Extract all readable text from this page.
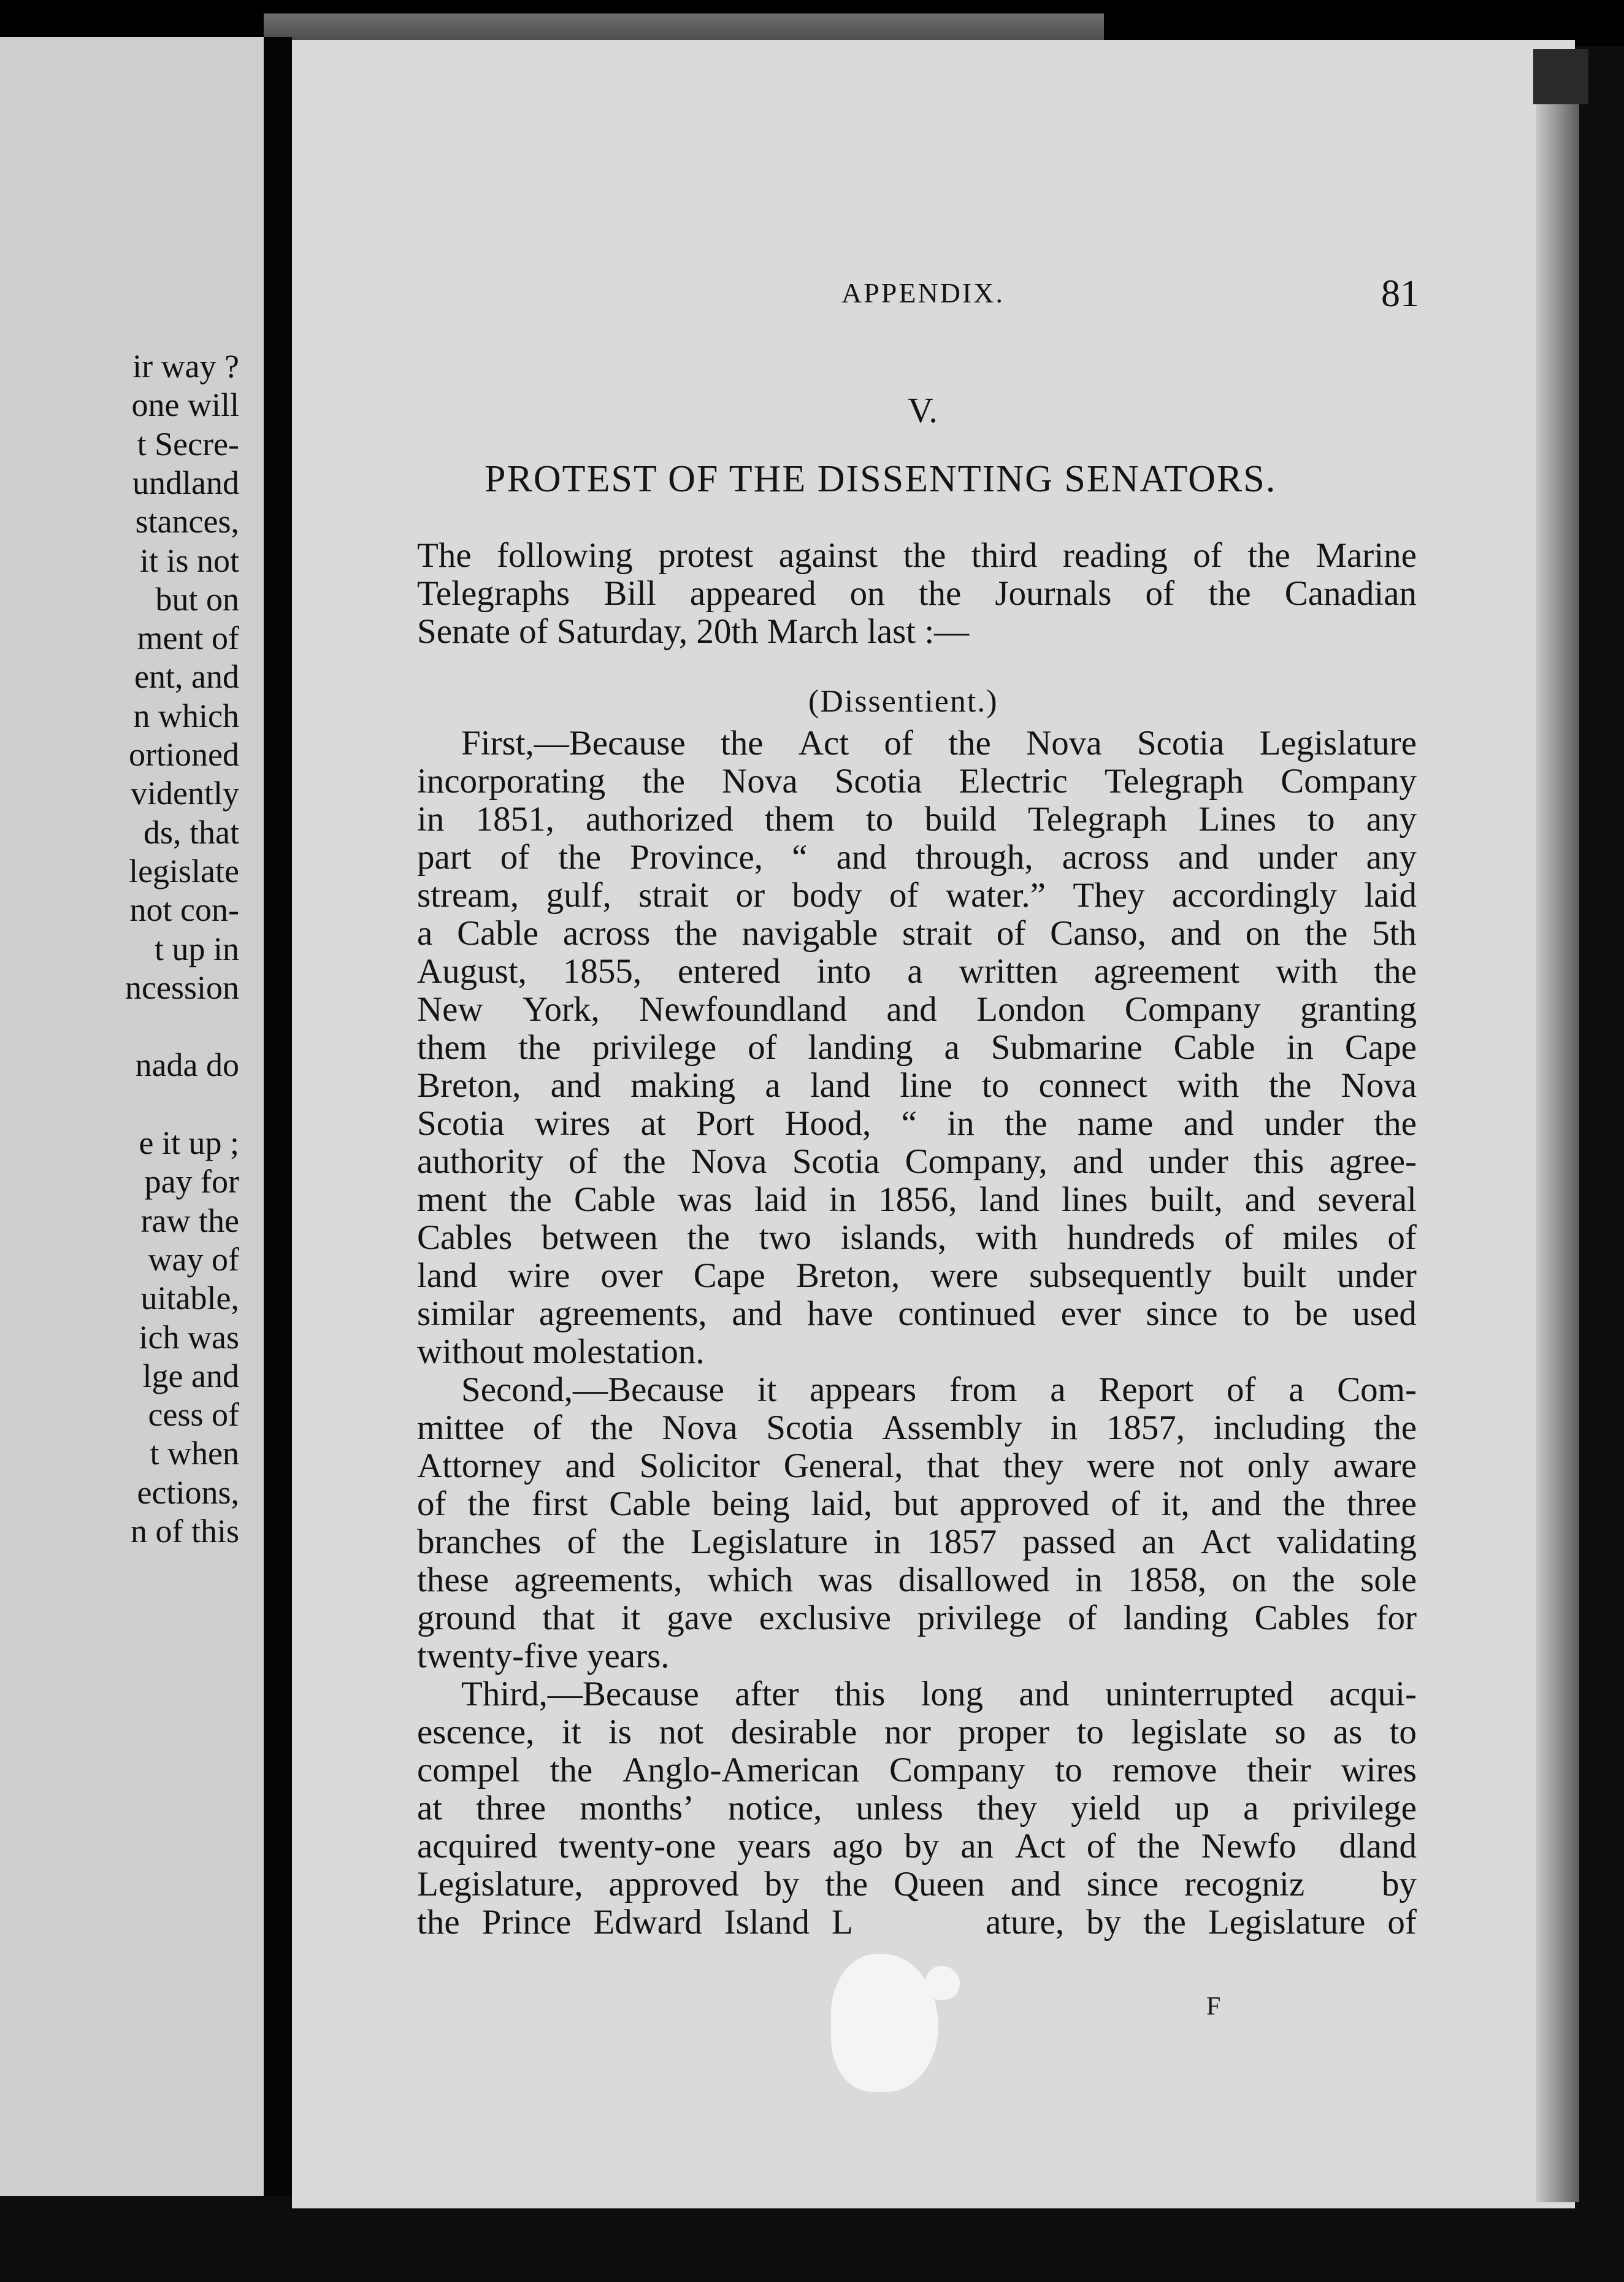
ir way ?
one will
t Secre-
undland
stances,
it is not
but on
ment of
ent, and
n which
ortioned
vidently
ds, that
legislate
not con-
t up in
ncession
nada do
e it up ;
pay for
raw the
way of
uitable,
ich was
lge and
cess of
t when
ections,
n of this
APPENDIX.	81
V.
PROTEST OF THE DISSENTING SENATORS.
The following protest against the third reading of the Marine
Telegraphs Bill appeared on the Journals of the Canadian
Senate of Saturday, 20th March last :—
First,—Because the Act of the Nova Scotia Legislature
incorporating the Nova Scotia Electric Telegraph Company
in 1851, authorized them to build Telegraph Lines to any
part of the Province, “ and through, across and under any
stream, gulf, strait or body of water.” They accordingly laid
a Cable across the navigable strait of Canso, and on the 5th
August, 1855, entered into a written agreement with the
New York, Newfoundland and London Company granting
them the privilege of landing a Submarine Cable in Cape
Breton, and making a land line to connect with the Nova
Scotia wires at Port Hood, “ in the name and under the
authority of the Nova Scotia Company, and under this agree-
ment the Cable was laid in 1856, land lines built, and several
Cables between the two islands, with hundreds of miles of
land wire over Cape Breton, were subsequently built under
similar agreements, and have continued ever since to be used
without molestation.
Second,—Because it appears from a Report of a Com-
mittee of the Nova Scotia Assembly in 1857, including the
Attorney and Solicitor General, that they were not only aware
of the first Cable being laid, but approved of it, and the three
branches of the Legislature in 1857 passed an Act validating
these agreements, which was disallowed in 1858, on the sole
ground that it gave exclusive privilege of landing Cables for
twenty-five years.
Third,—Because after this long and uninterrupted acqui-
escence, it is not desirable nor proper to legislate so as to
compel the Anglo-American Company to remove their wires
at three months’ notice, unless they yield up a privilege
acquired twenty-one years ago by an Act of the Newfo dland
Legislature, approved by the Queen and since recogniz by
the Prince Edward Island L	ature, by the Legislature of
F
(Dissentient.)
